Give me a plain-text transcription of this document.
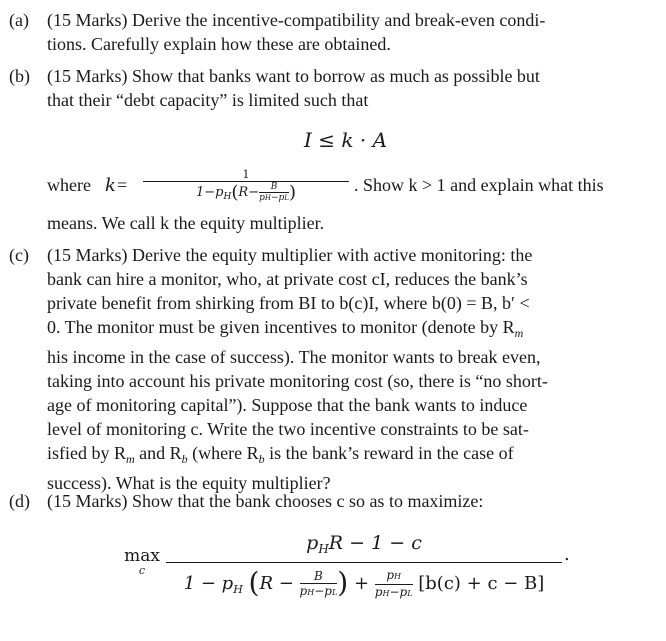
(a) (15 Marks) Derive the incentive-compatibility and break-even condi-
tions. Carefully explain how these are obtained.
(b) (15 Marks) Show that banks want to borrow as much as possible but
that their “debt capacity” is limited such that
I ≤ k · A
where k =
1
$1-p_H(R- \frac{B}{pH-pL}$ )	. Show k > 1 and explain what this
means. We call k the equity multiplier.
(c) (15 Marks) Derive the equity multiplier with active monitoring: the
bank can hire a monitor, who, at private cost cI, reduces the bank’s
private benefit from shirking from BI to b(c)I, where b(0) = B, b′ <
0. The monitor must be given incentives to monitor (denote by $R_m$
his income in the case of success). The monitor wants to break even,
taking into account his private monitoring cost (so, there is “no short-
age of monitoring capital”). Suppose that the bank wants to induce
level of monitoring c. Write the two incentive constraints to be sat-
isfied by $R_m$ and $R_b$ (where $R_b$ is the bank’s reward in the case of
success). What is the equity multiplier?
(d) (15 Marks) Show that the bank chooses c so as to maximize:
max
c
$p_HR - 1 - c$
$1 - p_H$ ($R - \frac{B}{pH-pL}$ ) + $\frac{pH}{pH-pL} [b(c) + c - B]$
.
